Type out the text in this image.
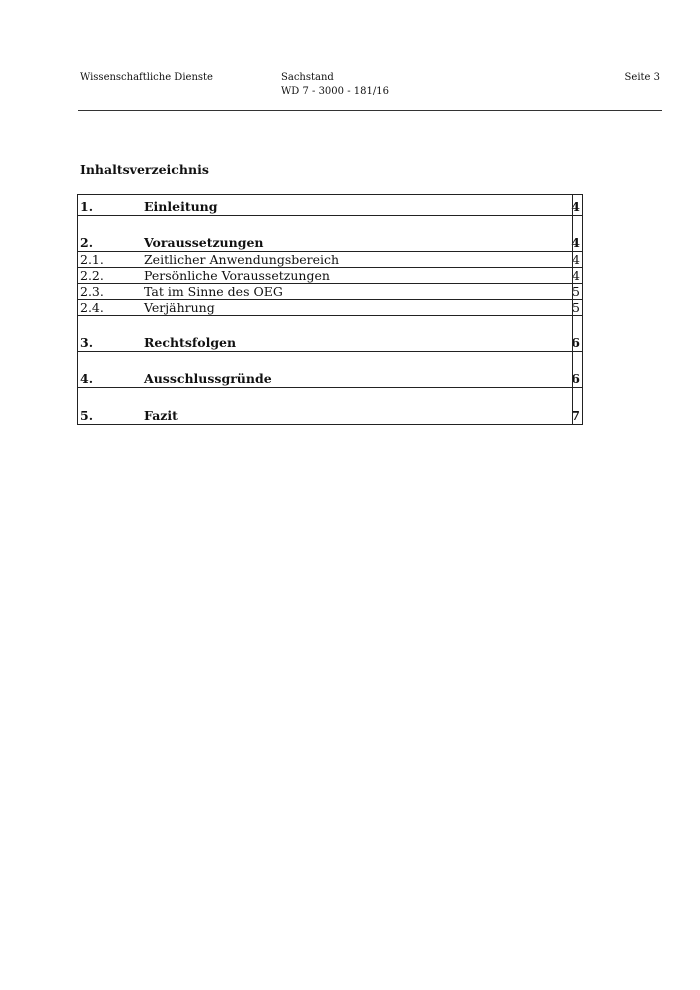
Wissenschaftliche Dienste	Sachstand
WD 7 - 3000 - 181/16
Seite 3
Inhaltsverzeichnis
1.	Einleitung	4
2.	Voraussetzungen	4
2.1.	Zeitlicher Anwendungsbereich	4
2.2.	Persönliche Voraussetzungen	4
2.3.	Tat im Sinne des OEG	5
2.4.	Verjährung	5
3.	Rechtsfolgen	6
4.	Ausschlussgründe	6
5.	Fazit	7
